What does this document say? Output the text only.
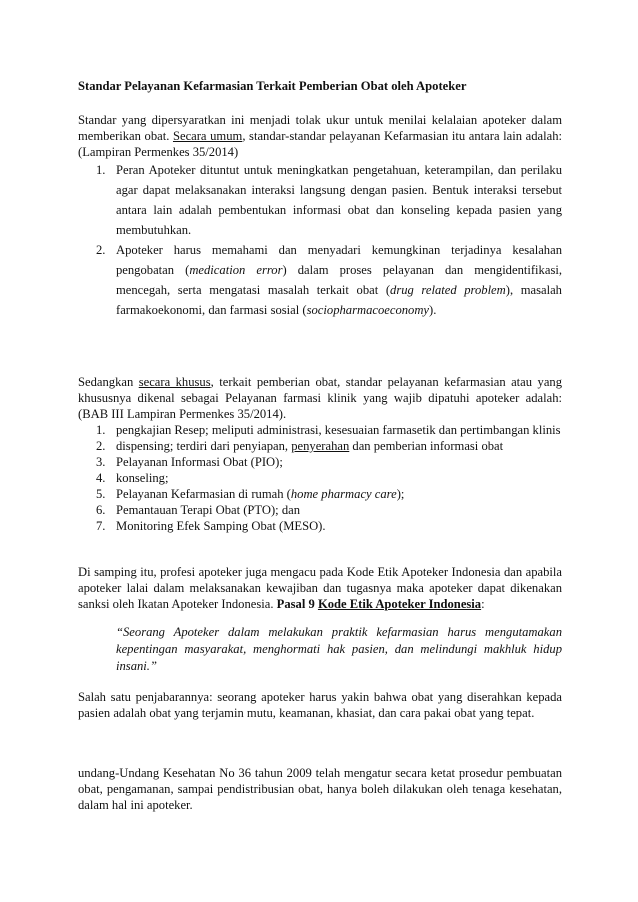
Standar Pelayanan Kefarmasian Terkait Pemberian Obat oleh Apoteker

Standar yang dipersyaratkan ini menjadi tolak ukur untuk menilai kelalaian apoteker dalam memberikan obat. Secara umum, standar-standar pelayanan Kefarmasian itu antara lain adalah: (Lampiran Permenkes 35/2014)

1. Peran Apoteker dituntut untuk meningkatkan pengetahuan, keterampilan, dan perilaku agar dapat melaksanakan interaksi langsung dengan pasien. Bentuk interaksi tersebut antara lain adalah pembentukan informasi obat dan konseling kepada pasien yang membutuhkan.
2. Apoteker harus memahami dan menyadari kemungkinan terjadinya kesalahan pengobatan (medication error) dalam proses pelayanan dan mengidentifikasi, mencegah, serta mengatasi masalah terkait obat (drug related problem), masalah farmakoekonomi, dan farmasi sosial (sociopharmacoeconomy).

Sedangkan secara khusus, terkait pemberian obat, standar pelayanan kefarmasian atau yang khususnya dikenal sebagai Pelayanan farmasi klinik yang wajib dipatuhi apoteker adalah: (BAB III Lampiran Permenkes 35/2014).

1. pengkajian Resep; meliputi administrasi, kesesuaian farmasetik dan pertimbangan klinis
2. dispensing; terdiri dari penyiapan, penyerahan dan pemberian informasi obat
3. Pelayanan Informasi Obat (PIO);
4. konseling;
5. Pelayanan Kefarmasian di rumah (home pharmacy care);
6. Pemantauan Terapi Obat (PTO); dan
7. Monitoring Efek Samping Obat (MESO).

Di samping itu, profesi apoteker juga mengacu pada Kode Etik Apoteker Indonesia dan apabila apoteker lalai dalam melaksanakan kewajiban dan tugasnya maka apoteker dapat dikenakan sanksi oleh Ikatan Apoteker Indonesia. Pasal 9 Kode Etik Apoteker Indonesia:

“Seorang Apoteker dalam melakukan praktik kefarmasian harus mengutamakan kepentingan masyarakat, menghormati hak pasien, dan melindungi makhluk hidup insani.”

Salah satu penjabarannya: seorang apoteker harus yakin bahwa obat yang diserahkan kepada pasien adalah obat yang terjamin mutu, keamanan, khasiat, dan cara pakai obat yang tepat.

undang-Undang Kesehatan No 36 tahun 2009 telah mengatur secara ketat prosedur pembuatan obat, pengamanan, sampai pendistribusian obat, hanya boleh dilakukan oleh tenaga kesehatan, dalam hal ini apoteker.
